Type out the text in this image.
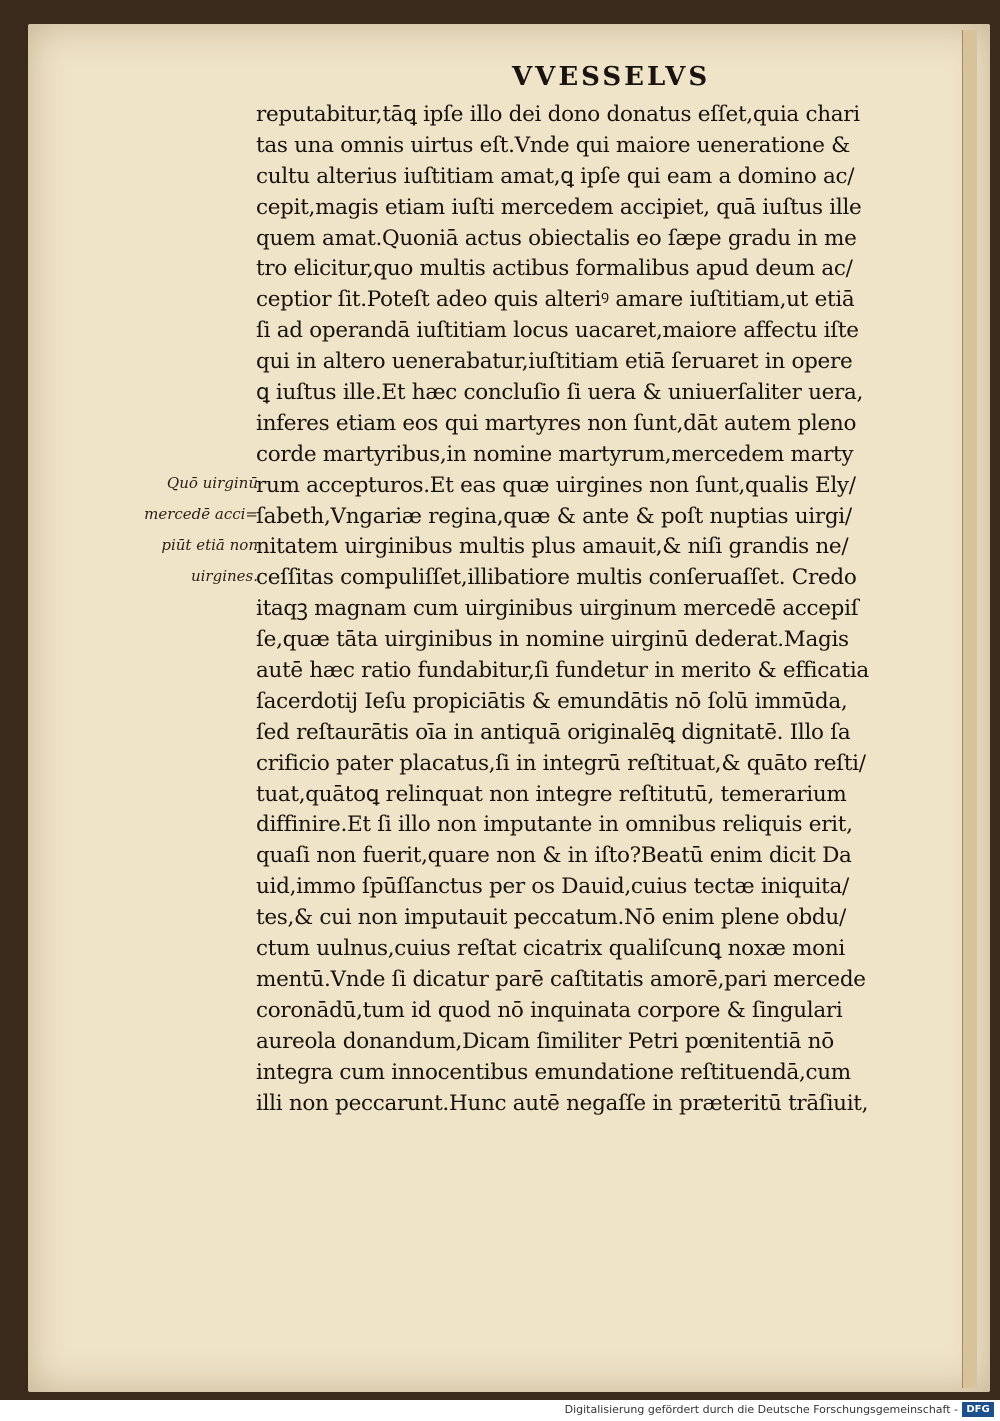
VVESSELVS
Quō uirginū
mercedē acci=
piūt etiā non
uirgines.
reputabitur,tāꝗ ipſe illo dei dono donatus eſſet,quia chari
tas una omnis uirtus eſt.Vnde qui maiore ueneratione &
cultu alterius iuſtitiam amat,ꝗ ipſe qui eam a domino ac/
cepit,magis etiam iuſti mercedem accipiet, quā iuſtus ille
quem amat.Quoniā actus obiectalis eo ſæpe gradu in me
tro elicitur,quo multis actibus formalibus apud deum ac/
ceptior ſit.Poteſt adeo quis alteriꝰ amare iuſtitiam,ut etiā
ſi ad operandā iuſtitiam locus uacaret,maiore affectu iſte
qui in altero uenerabatur,iuſtitiam etiā ſeruaret in opere
ꝗ iuſtus ille.Et hæc concluſio ſi uera & uniuerſaliter uera,
inferes etiam eos qui martyres non ſunt,dāt autem pleno
corde martyribus,in nomine martyrum,mercedem marty
rum accepturos.Et eas quæ uirgines non ſunt,qualis Ely/
ſabeth,Vngariæ regina,quæ & ante & poſt nuptias uirgi/
nitatem uirginibus multis plus amauit,& niſi grandis ne/
ceſſitas compuliſſet,illibatiore multis conſeruaſſet. Credo
itaqꝫ magnam cum uirginibus uirginum mercedē accepiſ
ſe,quæ tāta uirginibus in nomine uirginū dederat.Magis
autē hæc ratio fundabitur,ſi fundetur in merito & efficatia
ſacerdotij Ieſu propiciātis & emundātis nō ſolū immūda,
ſed reſtaurātis oīa in antiquā originalēꝗ dignitatē. Illo ſa
crificio pater placatus,ſi in integrū reſtituat,& quāto reſti/
tuat,quātoꝗ relinquat non integre reſtitutū, temerarium
diffinire.Et ſi illo non imputante in omnibus reliquis erit,
quaſi non fuerit,quare non & in iſto?Beatū enim dicit Da
uid,immo ſpūſſanctus per os Dauid,cuius tectæ iniquita/
tes,& cui non imputauit peccatum.Nō enim plene obdu/
ctum uulnus,cuius reſtat cicatrix qualiſcunꝗ noxæ moni
mentū.Vnde ſi dicatur parē caſtitatis amorē,pari mercede
coronādū,tum id quod nō inquinata corpore & ſingulari
aureola donandum,Dicam ſimiliter Petri pœnitentiā nō
integra cum innocentibus emundatione reſtituendā,cum
illi non peccarunt.Hunc autē negaſſe in præteritū trāſiuit,
Digitalisierung gefördert durch die Deutsche Forschungsgemeinschaft - DFG
